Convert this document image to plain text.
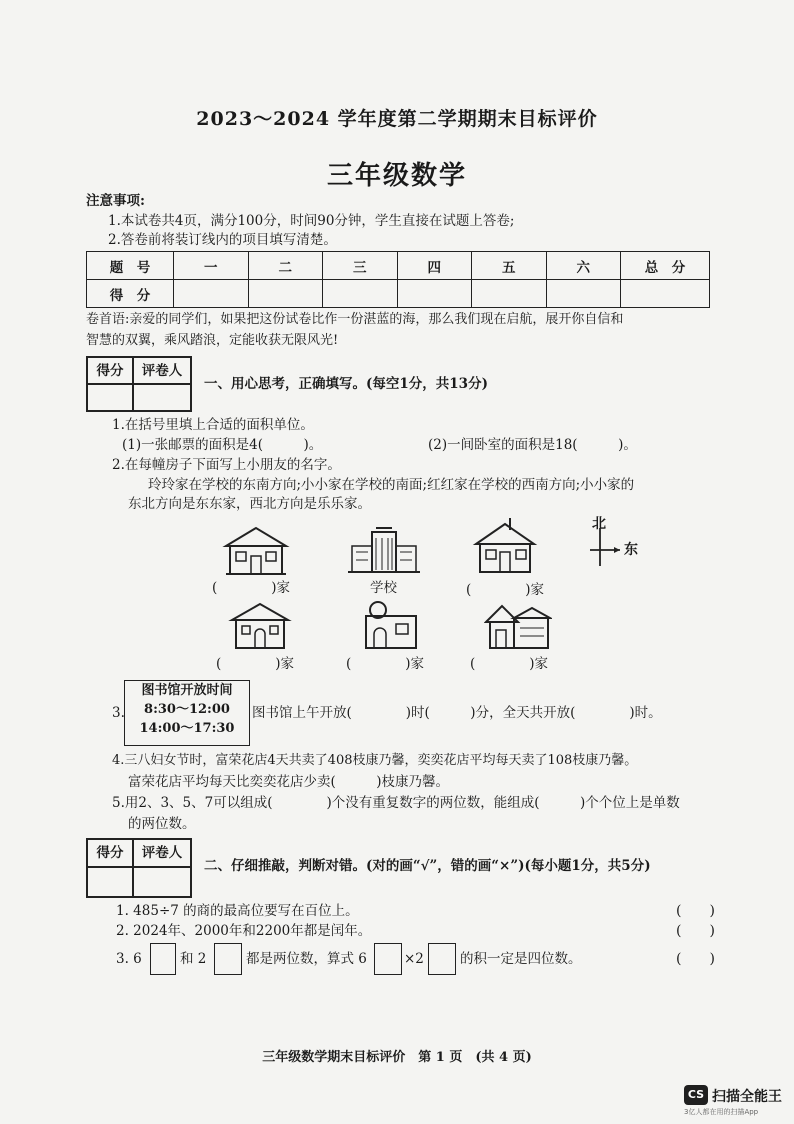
2023～2024 学年度第二学期期末目标评价
三年级数学
注意事项:
1.本试卷共4页，满分100分，时间90分钟，学生直接在试题上答卷;
2.答卷前将装订线内的项目填写清楚。
题　号	一	二	三	四	五	六	总　分
得　分							
卷首语:亲爱的同学们，如果把这份试卷比作一份湛蓝的海，那么我们现在启航，展开你自信和
智慧的双翼，乘风踏浪，定能收获无限风光!
得分	评卷人
一、用心思考，正确填写。(每空1分，共13分)
1.在括号里填上合适的面积单位。
(1)一张邮票的面积是4(　　　)。	(2)一间卧室的面积是18(　　　)。
2.在每幢房子下面写上小朋友的名字。
玲玲家在学校的东南方向;小小家在学校的南面;红红家在学校的西南方向;小小家的
东北方向是东东家，西北方向是乐乐家。
北
东
(　　　　)家	学校	(　　　　)家
(　　　　)家	(　　　　)家	(　　　　)家
3.
图书馆开放时间
8:30～12:00
14:00～17:30
图书馆上午开放(　　　　)时(　　　)分，全天共开放(　　　　)时。
4.三八妇女节时，富荣花店4天共卖了408枝康乃馨，奕奕花店平均每天卖了108枝康乃馨。
富荣花店平均每天比奕奕花店少卖(　　　)枝康乃馨。
5.用2、3、5、7可以组成(　　　　)个没有重复数字的两位数，能组成(　　　)个个位上是单数
的两位数。
得分	评卷人
二、仔细推敲，判断对错。(对的画“√”，错的画“×”)(每小题1分，共5分)
1. 485÷7 的商的最高位要写在百位上。	(　　)
2. 2024年、2000年和2200年都是闰年。	(　　)
3. 6	和 2	都是两位数，算式 6	×2	的积一定是四位数。	(　　)
三年级数学期末目标评价　第 1 页　(共 4 页)
CS 扫描全能王
3亿人都在用的扫描App
